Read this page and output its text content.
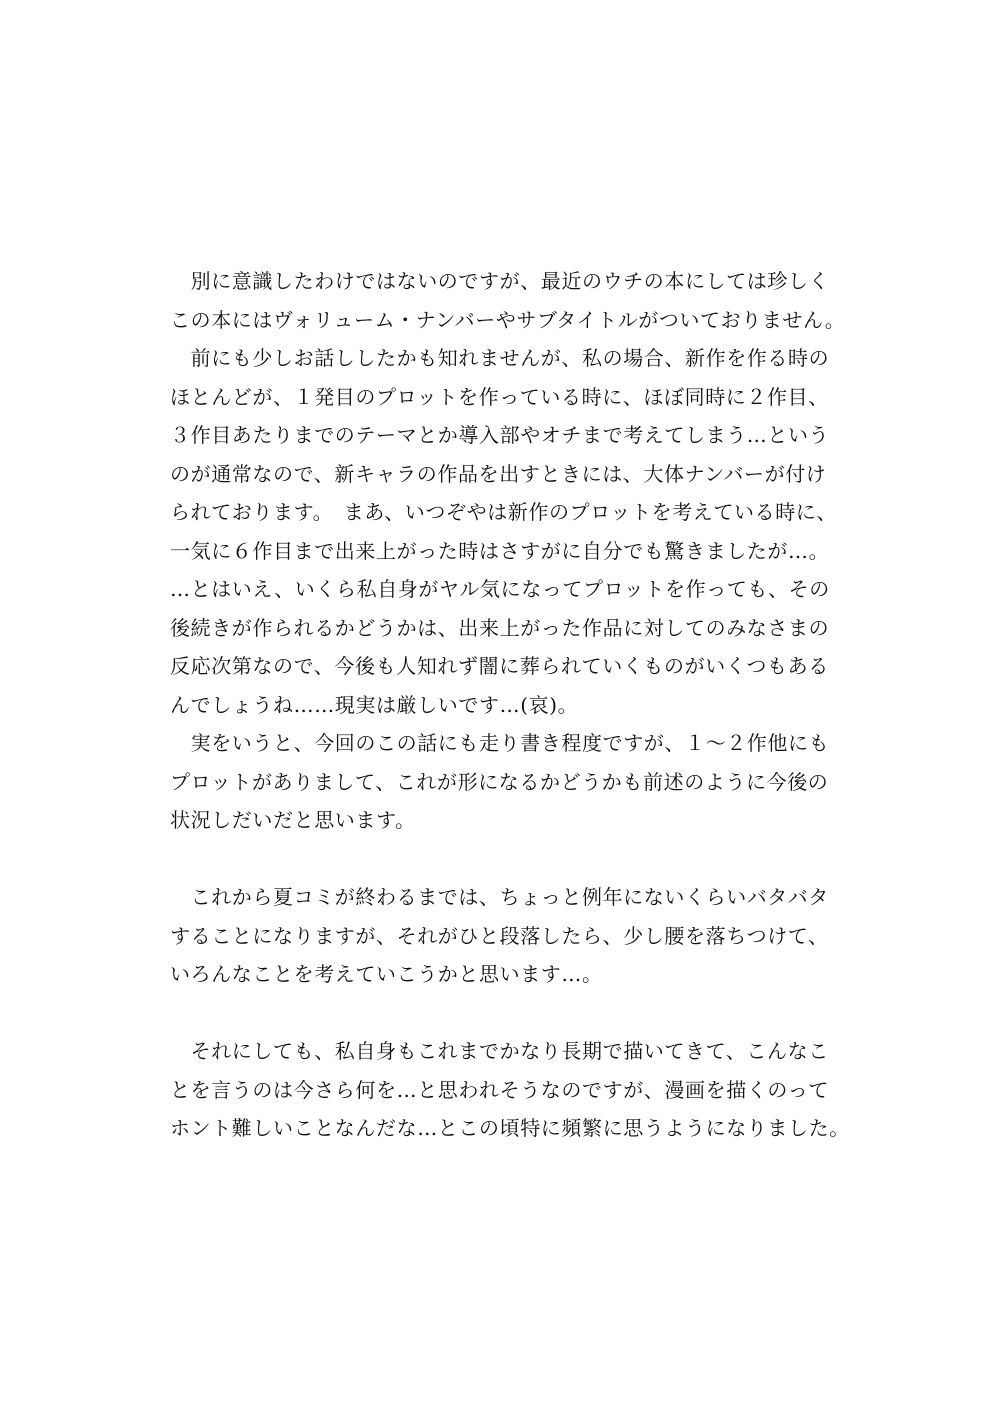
　別に意識したわけではないのですが、最近のウチの本にしては珍しく
この本にはヴォリューム・ナンバーやサブタイトルがついておりません。
　前にも少しお話ししたかも知れませんが、私の場合、新作を作る時の
ほとんどが、１発目のプロットを作っている時に、ほぼ同時に２作目、
３作目あたりまでのテーマとか導入部やオチまで考えてしまう…という
のが通常なので、新キャラの作品を出すときには、大体ナンバーが付け
られております。　まあ、いつぞやは新作のプロットを考えている時に、
一気に６作目まで出来上がった時はさすがに自分でも驚きましたが…。
…とはいえ、いくら私自身がヤル気になってプロットを作っても、その
後続きが作られるかどうかは、出来上がった作品に対してのみなさまの
反応次第なので、今後も人知れず闇に葬られていくものがいくつもある
んでしょうね……現実は厳しいです…(哀)。
　実をいうと、今回のこの話にも走り書き程度ですが、１～２作他にも
プロットがありまして、これが形になるかどうかも前述のように今後の
状況しだいだと思います。
　これから夏コミが終わるまでは、ちょっと例年にないくらいバタバタ
することになりますが、それがひと段落したら、少し腰を落ちつけて、
いろんなことを考えていこうかと思います…。
　それにしても、私自身もこれまでかなり長期で描いてきて、こんなこ
とを言うのは今さら何を…と思われそうなのですが、漫画を描くのって
ホント難しいことなんだな…とこの頃特に頻繁に思うようになりました。
